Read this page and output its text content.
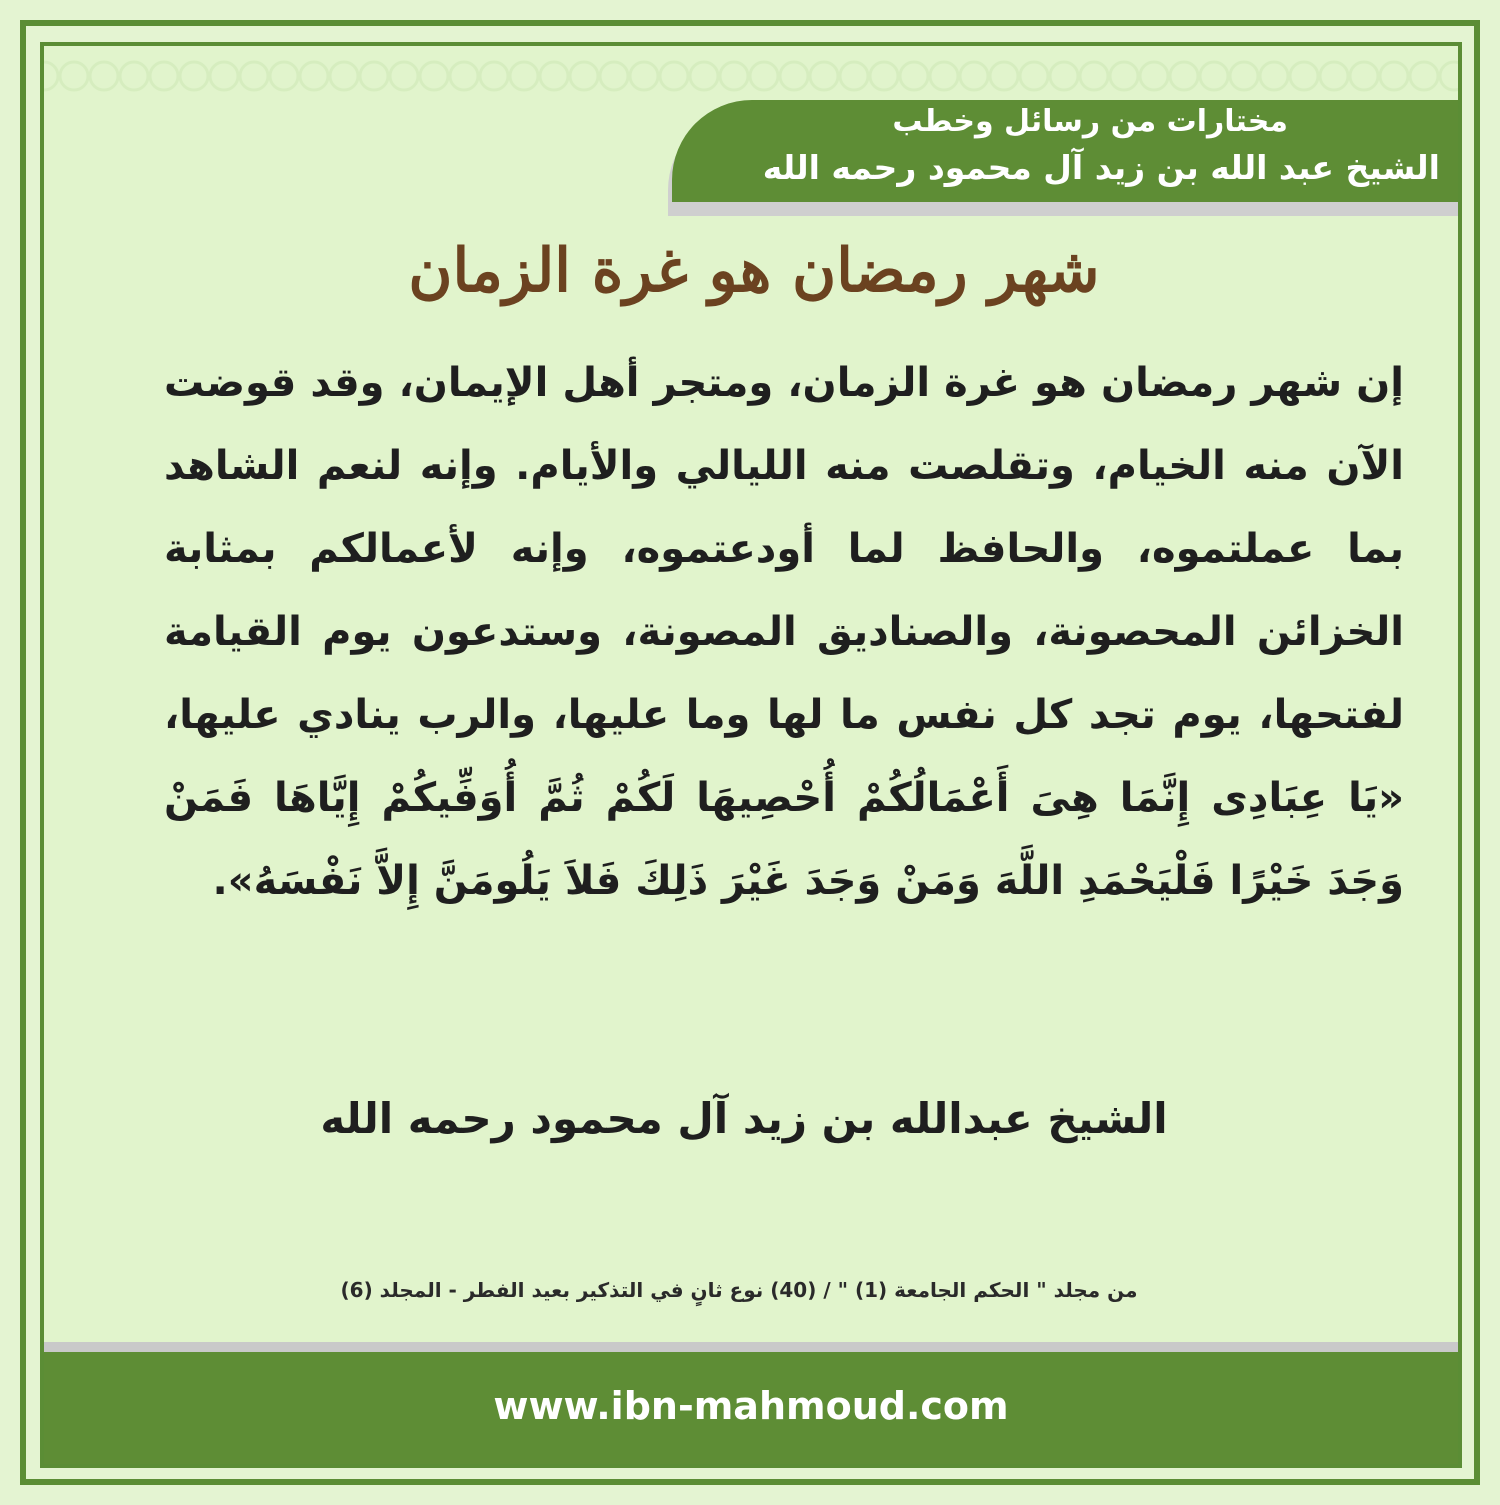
مختارات من رسائل وخطب
الشيخ عبد الله بن زيد آل محمود رحمه الله
شهر رمضان هو غرة الزمان
إن شهر رمضان هو غرة الزمان، ومتجر أهل الإيمان، وقد قوضت الآن منه الخيام، وتقلصت منه الليالي والأيام. وإنه لنعم الشاهد بما عملتموه، والحافظ لما أودعتموه، وإنه لأعمالكم بمثابة الخزائن المحصونة، والصناديق المصونة، وستدعون يوم القيامة لفتحها، يوم تجد كل نفس ما لها وما عليها، والرب ينادي عليها، «يَا عِبَادِى إِنَّمَا هِىَ أَعْمَالُكُمْ أُحْصِيهَا لَكُمْ ثُمَّ أُوَفِّيكُمْ إِيَّاهَا فَمَنْ وَجَدَ خَيْرًا فَلْيَحْمَدِ اللَّهَ وَمَنْ وَجَدَ غَيْرَ ذَلِكَ فَلاَ يَلُومَنَّ إِلاَّ نَفْسَهُ».
الشيخ عبدالله بن زيد آل محمود رحمه الله
من مجلد " الحكم الجامعة (1) " / (40) نوع ثانٍ في التذكير بعيد الفطر - المجلد (6)
www.ibn-mahmoud.com
